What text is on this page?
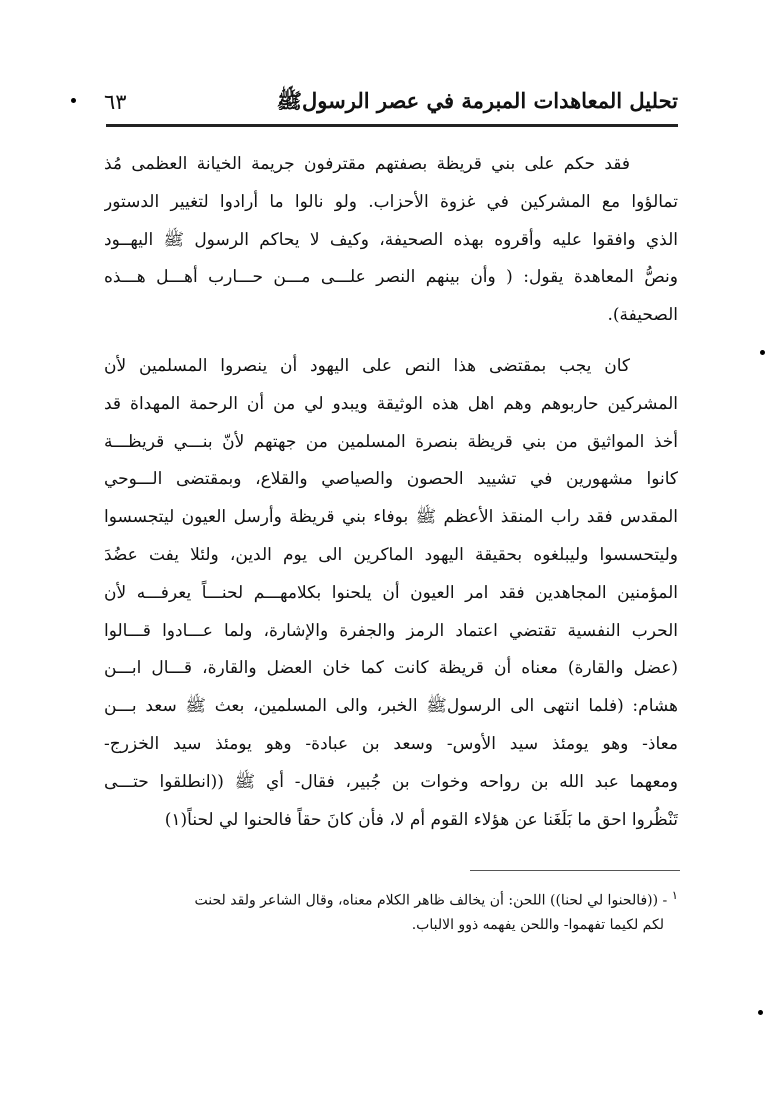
تحليل المعاهدات المبرمة في عصر الرسولﷺ
٦٣
فقد حكم على بني قريظة بصفتهم مقترفون جريمة الخيانة العظمى مُذ
تمالؤوا مع المشركين في غزوة الأحزاب. ولو نالوا ما أرادوا لتغيير الدستور
الذي وافقوا عليه وأقروه بهذه الصحيفة، وكيف لا يحاكم الرسول ﷺ اليهــود
ونصُّ المعاهدة يقول: ( وأن بينهم النصر علـــى مـــن حـــارب أهـــل هـــذه
الصحيفة).
كان يجب بمقتضى هذا النص على اليهود أن ينصروا المسلمين لأن
المشركين حاربوهم وهم اهل هذه الوثيقة ويبدو لي من أن الرحمة المهداة قد
أخذ المواثيق من بني قريظة بنصرة المسلمين من جهتهم لأنّ بنـــي قريظـــة
كانوا مشهورين في تشييد الحصون والصياصي والقلاع، وبمقتضى الـــوحي
المقدس فقد راب المنقذ الأعظم ﷺ بوفاء بني قريظة وأرسل العيون ليتجسسوا
وليتحسسوا وليبلغوه بحقيقة اليهود الماكرين الى يوم الدين، ولئلا يفت عضُدَ
المؤمنين المجاهدين فقد امر العيون أن يلحنوا بكلامهـــم لحنـــاً يعرفـــه لأن
الحرب النفسية تقتضي اعتماد الرمز والجفرة والإشارة، ولما عـــادوا قـــالوا
(عضل والقارة) معناه أن قريظة كانت كما خان العضل والقارة، قـــال ابـــن
هشام: (فلما انتهى الى الرسولﷺ الخبر، والى المسلمين، بعث ﷺ سعد بـــن
معاذ- وهو يومئذ سيد الأوس- وسعد بن عبادة- وهو يومئذ سيد الخزرج-
ومعهما عبد الله بن رواحه وخوات بن جُبير، فقال- أي ﷺ ((انطلقوا حتـــى
تَنْظُروا احق ما بَلَغَنا عن هؤلاء القوم أم لا، فأن كانَ حقاً فالحنوا لي لحناً(١)
$^١$ - ((فالحنوا لي لحنا)) اللحن: أن يخالف ظاهر الكلام معناه، وقال الشاعر ولقد لحنت
لكم لكيما تفهموا- واللحن يفهمه ذوو الالباب.
